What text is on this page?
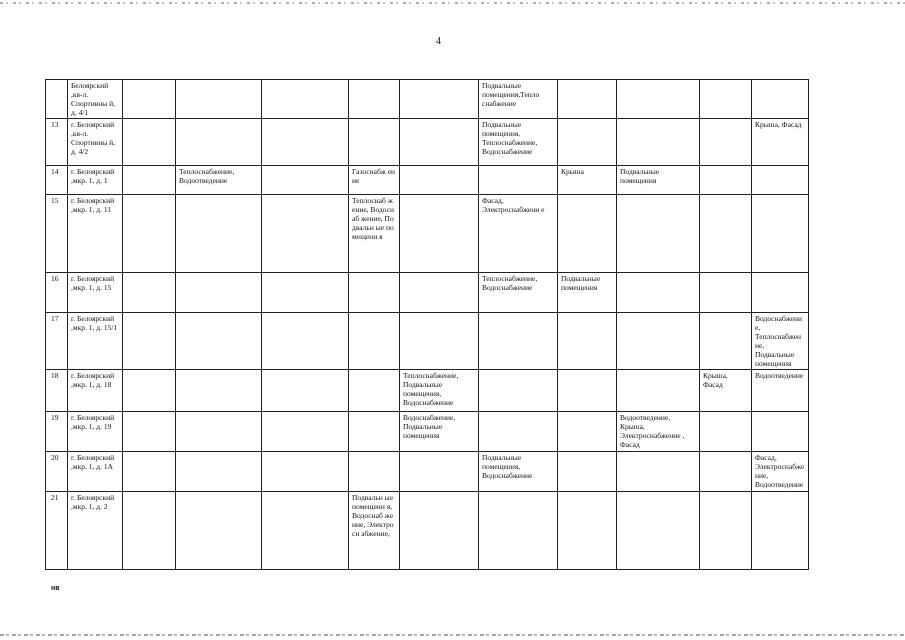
4
	Белоярский ,кв-л. Спортивны й, д. 4/1						Подвальные помещения,Тепло снабжение				
13	г. Белоярский ,кв-л. Спортивны й, д. 4/2						Подвальные помещения, Теплоснабжение, Водоснабжение				Крыша, Фасад
14	г. Белоярский ,мкр. 1, д. 1		Теплоснабжение, Водоотведение		Газоснабж ение			Крыша	Подвальные помещения		
15	г. Белоярский ,мкр. 1, д. 11				Теплоснаб жение, Водоснаб жение, Подвальн ые помещени я		Фасад, Электроснабжени е				
16	г. Белоярский ,мкр. 1, д. 15						Теплоснабжение, Водоснабжение	Подвальные помещения			
17	г. Белоярский ,мкр. 1, д. 15/1										Водоснабжение, Теплоснабжение, Подвальные помещения
18	г. Белоярский ,мкр. 1, д. 18					Теплоснабжение, Подвальные помещения, Водоснабжение				Крыша, Фасад	Водоотведение
19	г. Белоярский ,мкр. 1, д. 19					Водоснабжение, Подвальные помещения			Водоотведение, Крыша, Электроснабжение , Фасад		
20	г. Белоярский ,мкр. 1, д. 1А						Подвальные помещения, Водоснабжение				Фасад, Электроснабжение, Водоотведение
21	г. Белоярский ,мкр. 1, д. 2				Подвальн ые помещени я, Водоснаб жение, Электросн абжение,						
нв
